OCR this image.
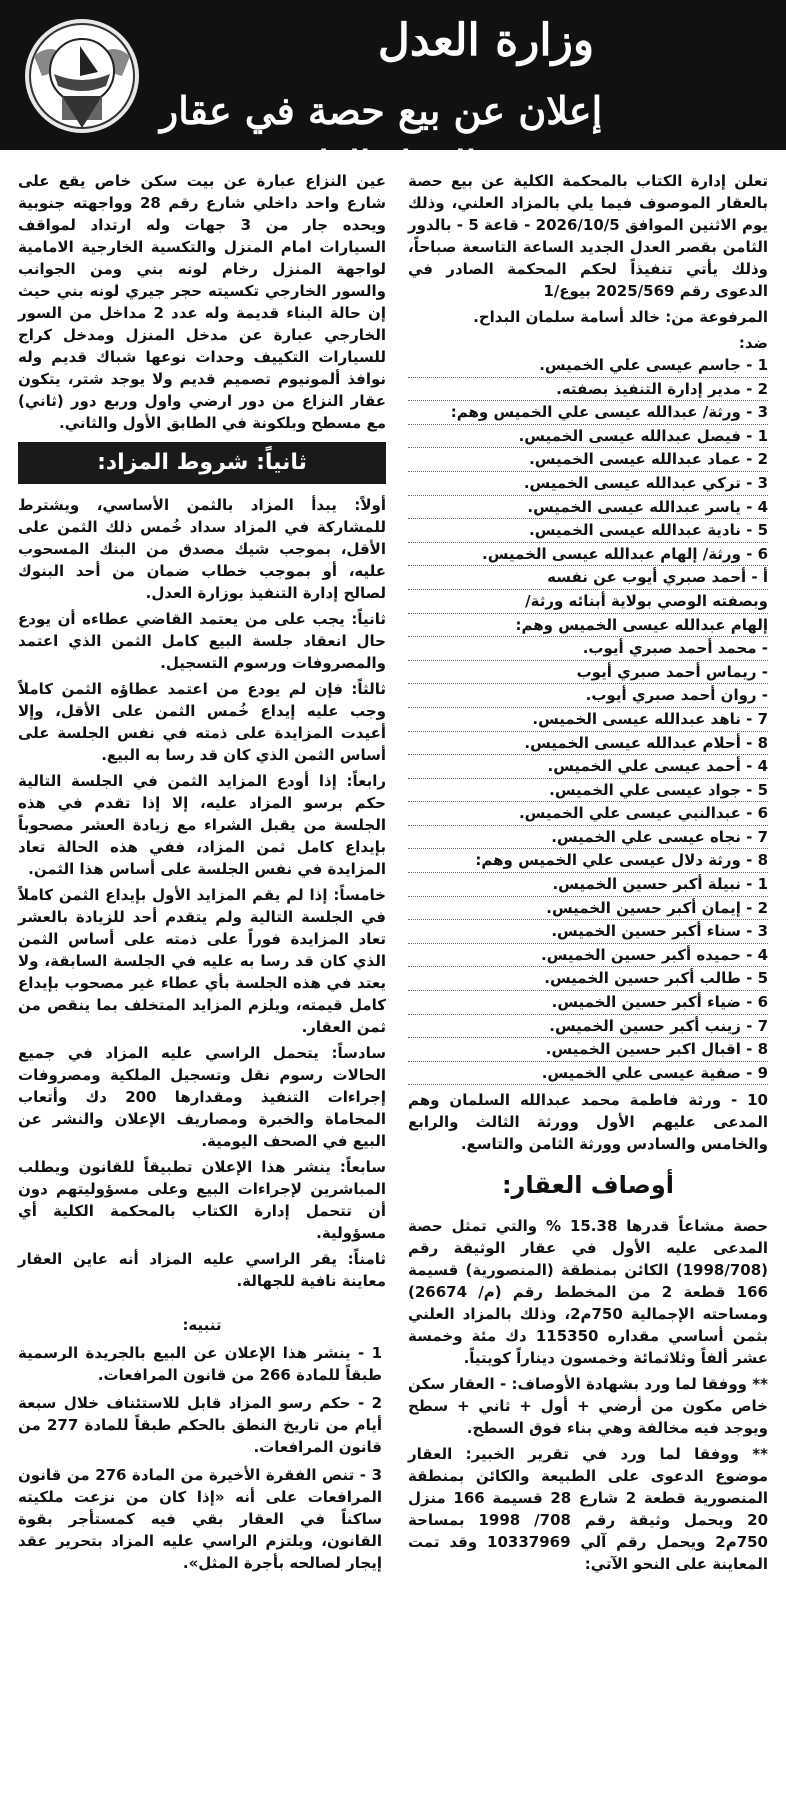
وزارة العدل
إعلان عن بيع حصة في عقار بالمزاد العلني

تعلن إدارة الكتاب بالمحكمة الكلية عن بيع حصة بالعقار الموصوف فيما يلي بالمزاد العلني، وذلك يوم الاثنين الموافق 2026/10/5 - قاعة 5 - بالدور الثامن بقصر العدل الجديد الساعة التاسعة صباحاً، وذلك يأتي تنفيذاً لحكم المحكمة الصادر في الدعوى رقم 2025/569 بيوع/1

المرفوعة من: خالد أسامة سلمان البداح.

ضد:

1 - جاسم عيسى علي الخميس.
2 - مدير إدارة التنفيذ بصفته.
3 - ورثة/ عبدالله عيسى علي الخميس وهم:
1 - فيصل عبدالله عيسى الخميس.
2 - عماد عبدالله عيسى الخميس.
3 - تركي عبدالله عيسى الخميس.
4 - ياسر عبدالله عيسى الخميس.
5 - نادية عبدالله عيسى الخميس.
6 - ورثة/ إلهام عبدالله عيسى الخميس.
أ - أحمد صبري أيوب عن نفسه
وبصفته الوصي بولاية أبنائه ورثة/
إلهام عبدالله عيسى الخميس وهم:
- محمد أحمد صبري أيوب.
- ريماس أحمد صبري أيوب
- روان أحمد صبري أيوب.
7 - ناهد عبدالله عيسى الخميس.
8 - أحلام عبدالله عيسى الخميس.
4 - أحمد عيسى علي الخميس.
5 - جواد عيسى علي الخميس.
6 - عبدالنبي عيسى علي الخميس.
7 - نجاه عيسى علي الخميس.
8 - ورثة دلال عيسى علي الخميس وهم:
1 - نبيلة أكبر حسين الخميس.
2 - إيمان أكبر حسين الخميس.
3 - سناء أكبر حسين الخميس.
4 - حميده أكبر حسين الخميس.
5 - طالب أكبر حسين الخميس.
6 - ضياء أكبر حسين الخميس.
7 - زينب أكبر حسين الخميس.
8 - اقبال اكبر حسين الخميس.
9 - صفية عيسى علي الخميس.

10 - ورثة فاطمة محمد عبدالله السلمان وهم المدعى عليهم الأول وورثة الثالث والرابع والخامس والسادس وورثة الثامن والتاسع.

أوصاف العقار:

حصة مشاعاً قدرها 15.38 % والتي تمثل حصة المدعى عليه الأول في عقار الوثيقة رقم (1998/708) الكائن بمنطقة (المنصورية) قسيمة 166 قطعة 2 من المخطط رقم (م/ 26674) ومساحته الإجمالية 750م2، وذلك بالمزاد العلني بثمن أساسي مقداره 115350 دك مئة وخمسة عشر ألفاً وثلاثمائة وخمسون ديناراً كويتياً.

** ووفقا لما ورد بشهادة الأوصاف: - العقار سكن خاص مكون من أرضي + أول + ثاني + سطح ويوجد فيه مخالفة وهي بناء فوق السطح.

** ووفقا لما ورد في تقرير الخبير: العقار موضوع الدعوى على الطبيعة والكائن بمنطقة المنصورية قطعة 2 شارع 28 قسيمة 166 منزل 20 ويحمل وثيقة رقم 708/ 1998 بمساحة 750م2 ويحمل رقم آلي 10337969 وقد تمت المعاينة على النحو الآتي:

عين النزاع عبارة عن بيت سكن خاص يقع على شارع واحد داخلي شارع رقم 28 وواجهته جنوبية ويحده جار من 3 جهات وله ارتداد لمواقف السيارات امام المنزل والتكسية الخارجية الامامية لواجهة المنزل رخام لونه بني ومن الجوانب والسور الخارجي تكسيته حجر جيري لونه بني حيث إن حالة البناء قديمة وله عدد 2 مداخل من السور الخارجي عبارة عن مدخل المنزل ومدخل كراج للسيارات التكييف وحدات نوعها شباك قديم وله نوافذ ألمونيوم تصميم قديم ولا يوجد شتر، يتكون عقار النزاع من دور ارضي واول وربع دور (ثاني) مع مسطح وبلكونة في الطابق الأول والثاني.

ثانياً: شروط المزاد:

أولاً: يبدأ المزاد بالثمن الأساسي، ويشترط للمشاركة في المزاد سداد خُمس ذلك الثمن على الأقل، بموجب شيك مصدق من البنك المسحوب عليه، أو بموجب خطاب ضمان من أحد البنوك لصالح إدارة التنفيذ بوزارة العدل.

ثانياً: يجب على من يعتمد القاضي عطاءه أن يودع حال انعقاد جلسة البيع كامل الثمن الذي اعتمد والمصروفات ورسوم التسجيل.

ثالثاً: فإن لم يودع من اعتمد عطاؤه الثمن كاملاً وجب عليه إيداع خُمس الثمن على الأقل، وإلا أعيدت المزايدة على ذمته في نفس الجلسة على أساس الثمن الذي كان قد رسا به البيع.

رابعاً: إذا أودع المزايد الثمن في الجلسة التالية حكم برسو المزاد عليه، إلا إذا تقدم في هذه الجلسة من يقبل الشراء مع زيادة العشر مصحوباً بإيداع كامل ثمن المزاد، ففي هذه الحالة تعاد المزايدة في نفس الجلسة على أساس هذا الثمن.

خامساً: إذا لم يقم المزايد الأول بإيداع الثمن كاملاً في الجلسة التالية ولم يتقدم أحد للزيادة بالعشر تعاد المزايدة فوراً على ذمته على أساس الثمن الذي كان قد رسا به عليه في الجلسة السابقة، ولا يعتد في هذه الجلسة بأي عطاء غير مصحوب بإيداع كامل قيمته، ويلزم المزايد المتخلف بما ينقص من ثمن العقار.

سادساً: يتحمل الراسي عليه المزاد في جميع الحالات رسوم نقل وتسجيل الملكية ومصروفات إجراءات التنفيذ ومقدارها 200 دك وأتعاب المحاماة والخبرة ومصاريف الإعلان والنشر عن البيع في الصحف اليومية.

سابعاً: ينشر هذا الإعلان تطبيقاً للقانون ويطلب المباشرين لإجراءات البيع وعلى مسؤوليتهم دون أن تتحمل إدارة الكتاب بالمحكمة الكلية أي مسؤولية.

ثامناً: يقر الراسي عليه المزاد أنه عاين العقار معاينة نافية للجهالة.

تنبيه:

1 - ينشر هذا الإعلان عن البيع بالجريدة الرسمية طبقاً للمادة 266 من قانون المرافعات.

2 - حكم رسو المزاد قابل للاستئناف خلال سبعة أيام من تاريخ النطق بالحكم طبقاً للمادة 277 من قانون المرافعات.

3 - تنص الفقرة الأخيرة من المادة 276 من قانون المرافعات على أنه «إذا كان من نزعت ملكيته ساكناً في العقار بقي فيه كمستأجر بقوة القانون، ويلتزم الراسي عليه المزاد بتحرير عقد إيجار لصالحه بأجرة المثل».
